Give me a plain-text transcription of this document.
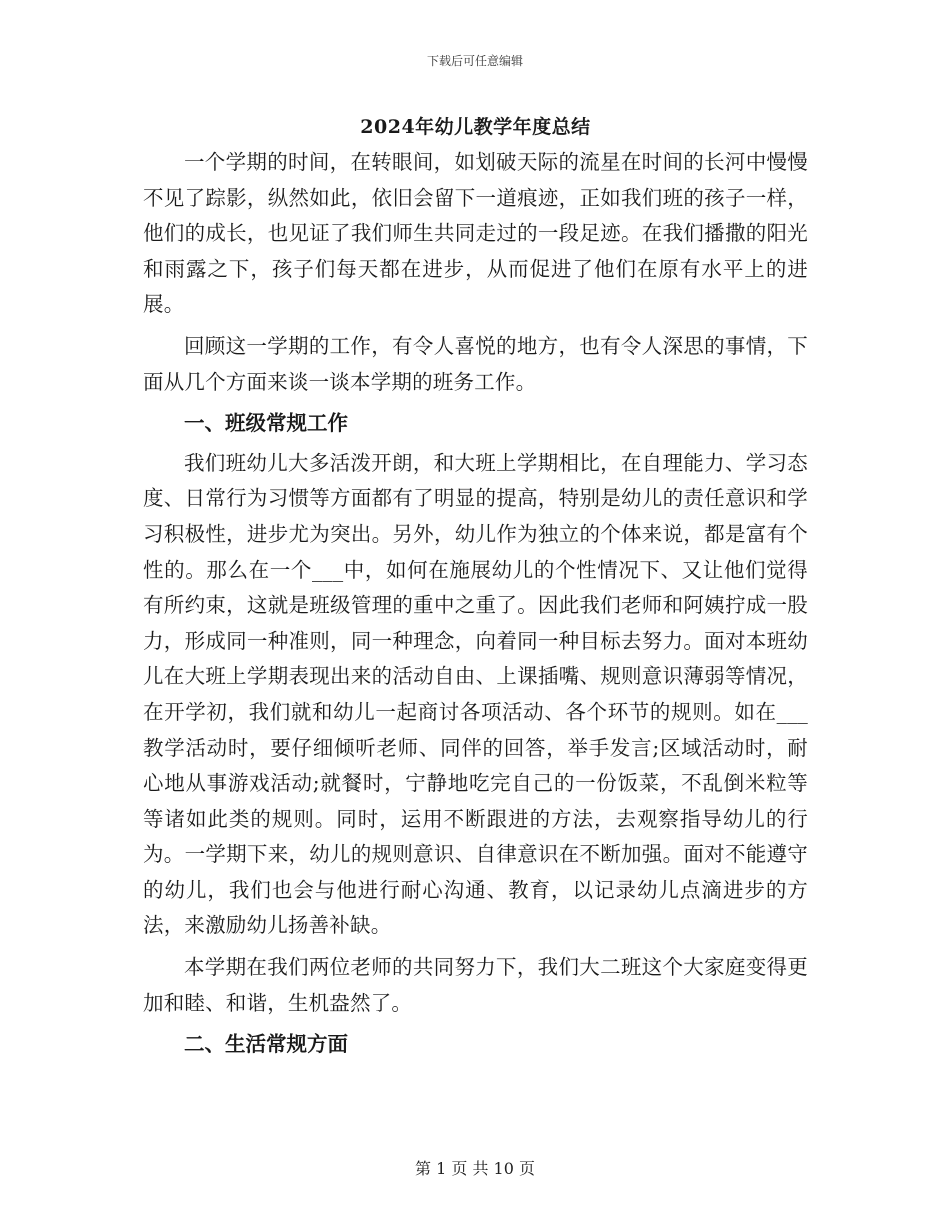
下载后可任意编辑
2024年幼儿教学年度总结

一个学期的时间，在转眼间，如划破天际的流星在时间的长河中慢慢不见了踪影，纵然如此，依旧会留下一道痕迹，正如我们班的孩子一样，他们的成长，也见证了我们师生共同走过的一段足迹。在我们播撒的阳光和雨露之下，孩子们每天都在进步，从而促进了他们在原有水平上的进展。

回顾这一学期的工作，有令人喜悦的地方，也有令人深思的事情，下面从几个方面来谈一谈本学期的班务工作。

一、班级常规工作

我们班幼儿大多活泼开朗，和大班上学期相比，在自理能力、学习态度、日常行为习惯等方面都有了明显的提高，特别是幼儿的责任意识和学习积极性，进步尤为突出。另外，幼儿作为独立的个体来说，都是富有个性的。那么在一个___中，如何在施展幼儿的个性情况下、又让他们觉得有所约束，这就是班级管理的重中之重了。因此我们老师和阿姨拧成一股力，形成同一种准则，同一种理念，向着同一种目标去努力。面对本班幼儿在大班上学期表现出来的活动自由、上课插嘴、规则意识薄弱等情况，在开学初，我们就和幼儿一起商讨各项活动、各个环节的规则。如在___教学活动时，要仔细倾听老师、同伴的回答，举手发言;区域活动时，耐心地从事游戏活动;就餐时，宁静地吃完自己的一份饭菜，不乱倒米粒等等诸如此类的规则。同时，运用不断跟进的方法，去观察指导幼儿的行为。一学期下来，幼儿的规则意识、自律意识在不断加强。面对不能遵守的幼儿，我们也会与他进行耐心沟通、教育，以记录幼儿点滴进步的方法，来激励幼儿扬善补缺。

本学期在我们两位老师的共同努力下，我们大二班这个大家庭变得更加和睦、和谐，生机盎然了。

二、生活常规方面
第 1 页 共 10 页
